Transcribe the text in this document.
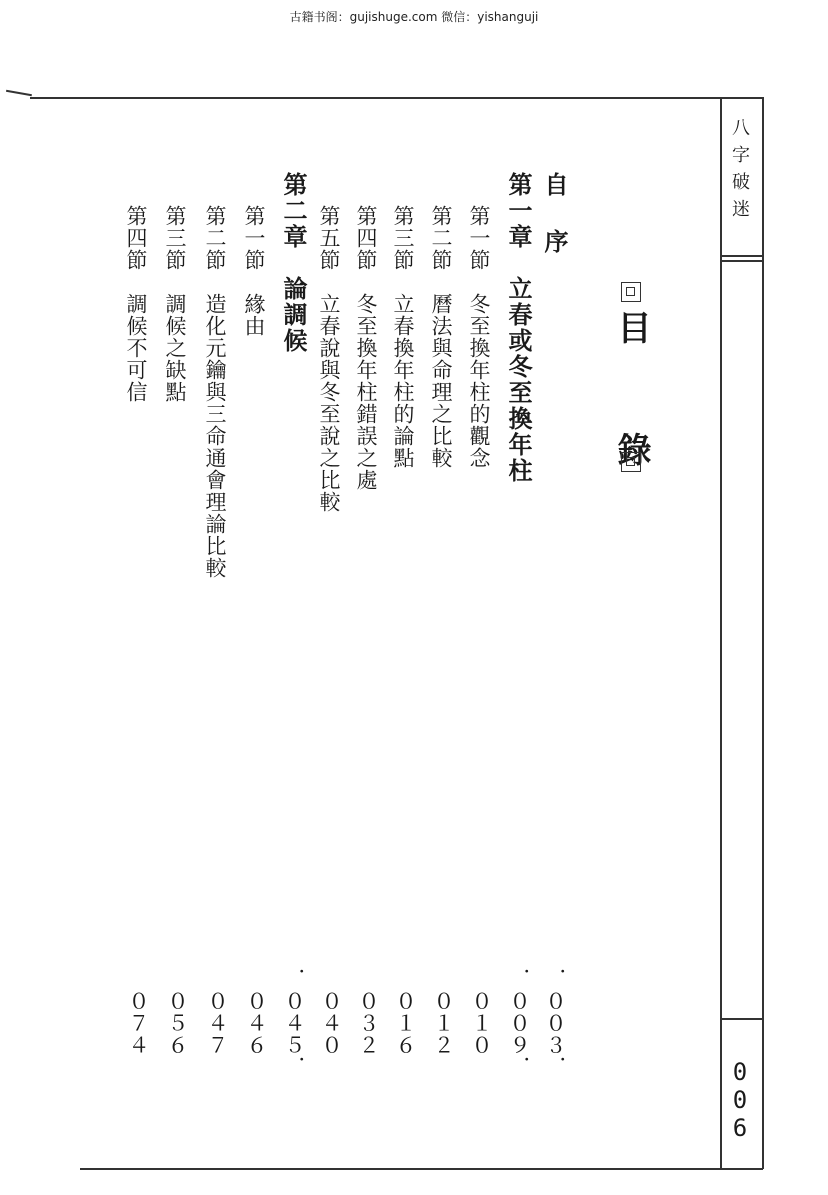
古籍书阁：gujishuge.com 微信：yishanguji
八字破迷
006
目 錄
自 序
．００３．
第一章　立春或冬至換年柱
．００９．
第一節　冬至換年柱的觀念
０１０
第二節　曆法與命理之比較
０１２
第三節　立春換年柱的論點
０１６
第四節　冬至換年柱錯誤之處
０３２
第五節　立春說與冬至說之比較
０４０
第二章　論調候
．０４５．
第一節　緣由
０４６
第二節　造化元鑰與三命通會理論比較
０４７
第三節　調候之缺點
０５６
第四節　調候不可信
０７４
